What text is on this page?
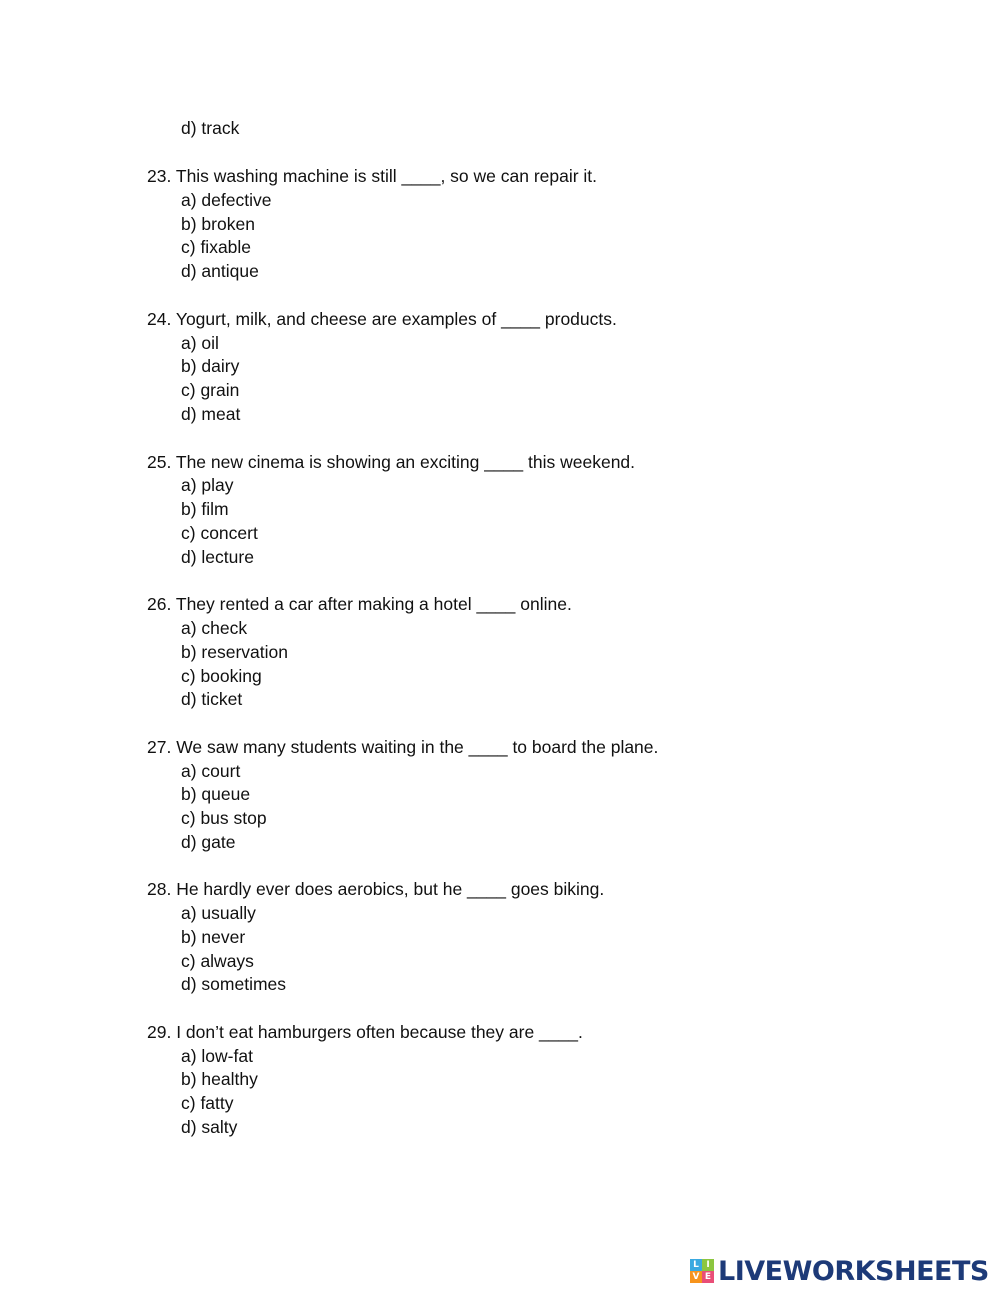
d) track
23. This washing machine is still ____, so we can repair it.
a) defective
b) broken
c) fixable
d) antique
24. Yogurt, milk, and cheese are examples of ____ products.
a) oil
b) dairy
c) grain
d) meat
25. The new cinema is showing an exciting ____ this weekend.
a) play
b) film
c) concert
d) lecture
26. They rented a car after making a hotel ____ online.
a) check
b) reservation
c) booking
d) ticket
27. We saw many students waiting in the ____ to board the plane.
a) court
b) queue
c) bus stop
d) gate
28. He hardly ever does aerobics, but he ____ goes biking.
a) usually
b) never
c) always
d) sometimes
29. I don’t eat hamburgers often because they are ____.
a) low-fat
b) healthy
c) fatty
d) salty
L I
V E LIVEWORKSHEETS
